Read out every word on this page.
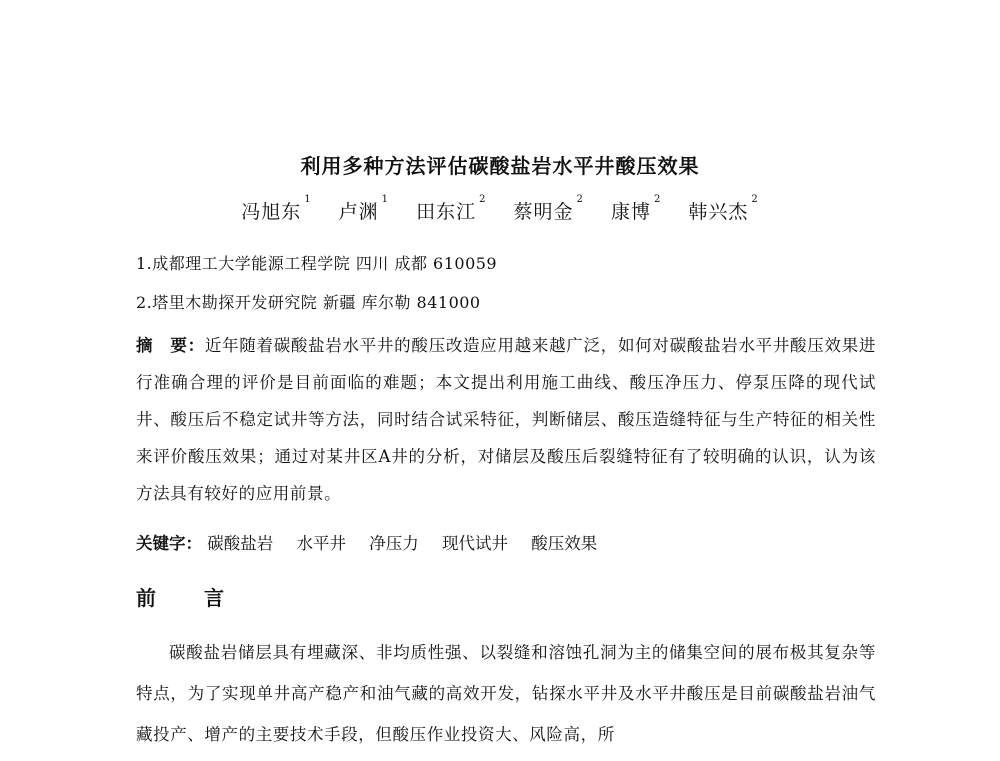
利用多种方法评估碳酸盐岩水平井酸压效果
冯旭东$^1$ 卢渊$^1$ 田东江$^2$ 蔡明金$^2$ 康博$^2$ 韩兴杰$^2$
1.成都理工大学能源工程学院 四川 成都 610059
2.塔里木勘探开发研究院 新疆 库尔勒 841000
摘　要：近年随着碳酸盐岩水平井的酸压改造应用越来越广泛，如何对碳酸盐岩水平井酸压效果进行准确合理的评价是目前面临的难题；本文提出利用施工曲线、酸压净压力、停泵压降的现代试井、酸压后不稳定试井等方法，同时结合试采特征，判断储层、酸压造缝特征与生产特征的相关性来评价酸压效果；通过对某井区A井的分析，对储层及酸压后裂缝特征有了较明确的认识，认为该方法具有较好的应用前景。
关键字： 碳酸盐岩 水平井 净压力 现代试井 酸压效果
前　言
碳酸盐岩储层具有埋藏深、非均质性强、以裂缝和溶蚀孔洞为主的储集空间的展布极其复杂等特点，为了实现单井高产稳产和油气藏的高效开发，钻探水平井及水平井酸压是目前碳酸盐岩油气藏投产、增产的主要技术手段，但酸压作业投资大、风险高，所
